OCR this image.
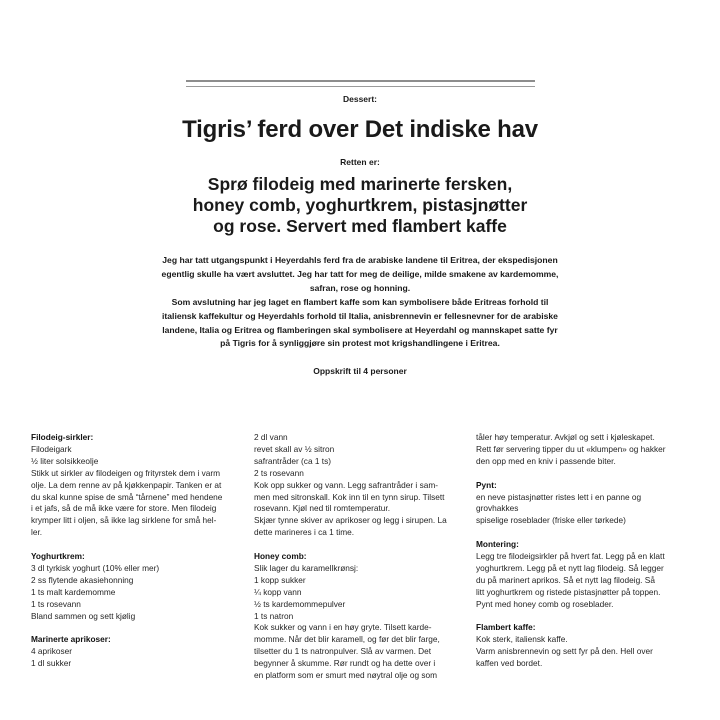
Dessert:
Tigris’ ferd over Det indiske hav
Retten er:
Sprø filodeig med marinerte fersken,
honey comb, yoghurtkrem, pistasjnøtter
og rose. Servert med flambert kaffe
Jeg har tatt utgangspunkt i Heyerdahls ferd fra de arabiske landene til Eritrea, der ekspedisjonen
egentlig skulle ha vært avsluttet. Jeg har tatt for meg de deilige, milde smakene av kardemomme,
safran, rose og honning.
Som avslutning har jeg laget en flambert kaffe som kan symbolisere både Eritreas forhold til
italiensk kaffekultur og Heyerdahls forhold til Italia, anisbrennevin er fellesnevner for de arabiske
landene, Italia og Eritrea og flamberingen skal symbolisere at Heyerdahl og mannskapet satte fyr
på Tigris for å synliggjøre sin protest mot krigshandlingene i Eritrea.
Oppskrift til 4 personer
Filodeig-sirkler:
Filodeigark
½ liter solsikkeolje
Stikk ut sirkler av filodeigen og frityrstek dem i varm
olje. La dem renne av på kjøkkenpapir. Tanken er at
du skal kunne spise de små “tårnene” med hendene
i et jafs, så de må ikke være for store. Men filodeig
krymper litt i oljen, så ikke lag sirklene for små hel-
ler.
Yoghurtkrem:
3 dl tyrkisk yoghurt (10% eller mer)
2 ss flytende akasiehonning
1 ts malt kardemomme
1 ts rosevann
Bland sammen og sett kjølig
Marinerte aprikoser:
4 aprikoser
1 dl sukker
2 dl vann
revet skall av ½ sitron
safrantråder (ca 1 ts)
2 ts rosevann
Kok opp sukker og vann. Legg safrantråder i sam-
men med sitronskall. Kok inn til en tynn sirup. Tilsett
rosevann. Kjøl ned til romtemperatur.
Skjær tynne skiver av aprikoser og legg i sirupen. La
dette marineres i ca 1 time.
Honey comb:
Slik lager du karamellkrønsj:
1 kopp sukker
¼ kopp vann
½ ts kardemommepulver
1 ts natron
Kok sukker og vann i en høy gryte. Tilsett karde-
momme. Når det blir karamell, og før det blir farge,
tilsetter du 1 ts natronpulver. Slå av varmen. Det
begynner å skumme. Rør rundt og ha dette over i
en platform som er smurt med nøytral olje og som
tåler høy temperatur. Avkjøl og sett i kjøleskapet.
Rett før servering tipper du ut «klumpen» og hakker
den opp med en kniv i passende biter.
Pynt:
en neve pistasjnøtter ristes lett i en panne og
grovhakkes
spiselige roseblader (friske eller tørkede)
Montering:
Legg tre filodeigsirkler på hvert fat. Legg på en klatt
yoghurtkrem. Legg på et nytt lag filodeig. Så legger
du på marinert aprikos. Så et nytt lag filodeig. Så
litt yoghurtkrem og ristede pistasjnøtter på toppen.
Pynt med honey comb og roseblader.
Flambert kaffe:
Kok sterk, italiensk kaffe.
Varm anisbrennevin og sett fyr på den. Hell over
kaffen ved bordet.
